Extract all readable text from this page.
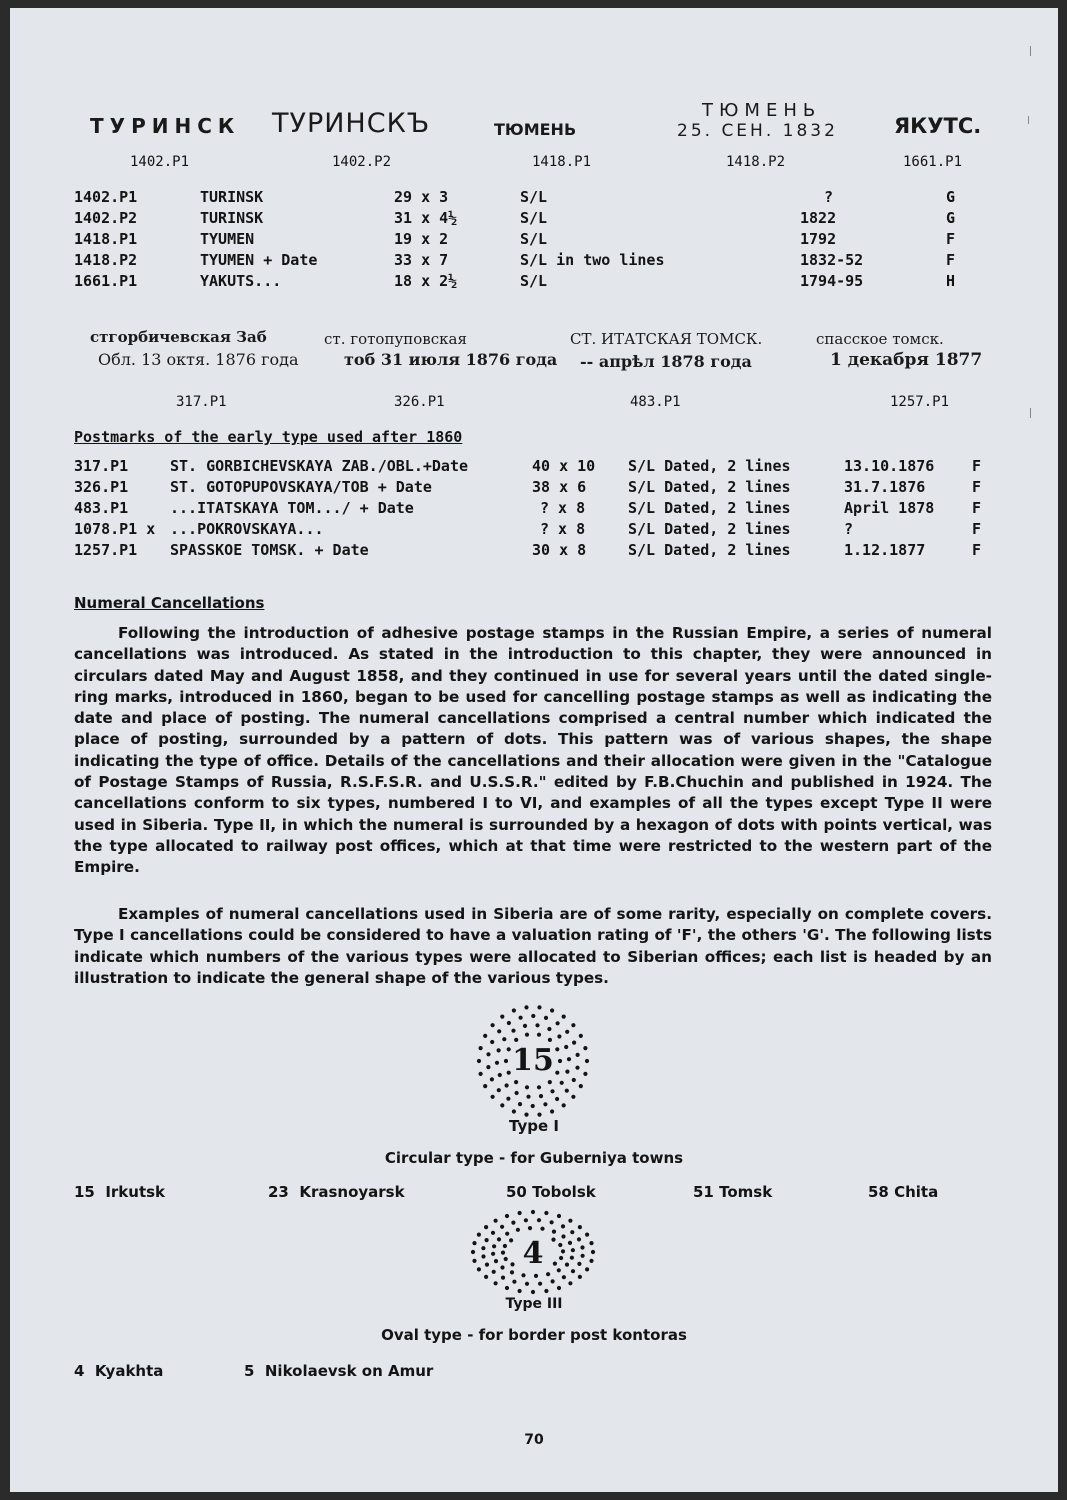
ТУРИНСК ТУРИНСКЪ	ТЮМЕНЬ
ТЮМЕНЬ
25. СЕН. 1832	ЯКУТС.
1402.P1	1402.P2	1418.P1	1418.P2	1661.P1
1402.P1	TURINSK	29 x 3	S/L	?	G
1402.P2	TURINSK	31 x 4½	S/L	1822	G
1418.P1	TYUMEN	19 x 2	S/L	1792	F
1418.P2	TYUMEN + Date	33 x 7	S/L in two lines	1832-52	F
1661.P1	YAKUTS...	18 x 2½	S/L	1794-95	H
стгорбичевская Заб
Обл. 13 октя. 1876 года
ст. готопуповская
тоб 31 июля 1876 года
СТ. ИТАТСКАЯ ТОМСК.
-- апрѣл 1878 года
спасское томск.
1 декабря 1877
317.P1	326.P1	483.P1	1257.P1
Postmarks of the early type used after 1860
317.P1	ST. GORBICHEVSKAYA ZAB./OBL.+Date	40 x 10 S/L Dated, 2 lines	13.10.1876	F
326.P1	ST. GOTOPUPOVSKAYA/TOB + Date	38 x 6	S/L Dated, 2 lines	31.7.1876	F
483.P1	...ITATSKAYA TOM.../ + Date	? x 8	S/L Dated, 2 lines	April 1878	F
1078.P1 x ...POKROVSKAYA...	? x 8	S/L Dated, 2 lines	?	F
1257.P1 SPASSKOE TOMSK. + Date	30 x 8	S/L Dated, 2 lines	1.12.1877	F
Numeral Cancellations
Following the introduction of adhesive postage stamps in the Russian Empire, a series of numeral cancellations was introduced. As stated in the introduction to this chapter, they were announced in circulars dated May and August 1858, and they continued in use for several years until the dated single-ring marks, introduced in 1860, began to be used for cancelling postage stamps as well as indicating the date and place of posting. The numeral cancellations comprised a central number which indicated the place of posting, surrounded by a pattern of dots. This pattern was of various shapes, the shape indicating the type of office. Details of the cancellations and their allocation were given in the "Catalogue of Postage Stamps of Russia, R.S.F.S.R. and U.S.S.R." edited by F.B.Chuchin and published in 1924. The cancellations conform to six types, numbered I to VI, and examples of all the types except Type II were used in Siberia. Type II, in which the numeral is surrounded by a hexagon of dots with points vertical, was the type allocated to railway post offices, which at that time were restricted to the western part of the Empire.
Examples of numeral cancellations used in Siberia are of some rarity, especially on complete covers. Type I cancellations could be considered to have a valuation rating of 'F', the others 'G'. The following lists indicate which numbers of the various types were allocated to Siberian offices; each list is headed by an illustration to indicate the general shape of the various types.
15
Type I
Circular type - for Guberniya towns
15  Irkutsk	23  Krasnoyarsk	50 Tobolsk	51 Tomsk	58 Chita
4
Type III
Oval type - for border post kontoras
4  Kyakhta	5  Nikolaevsk on Amur
70
